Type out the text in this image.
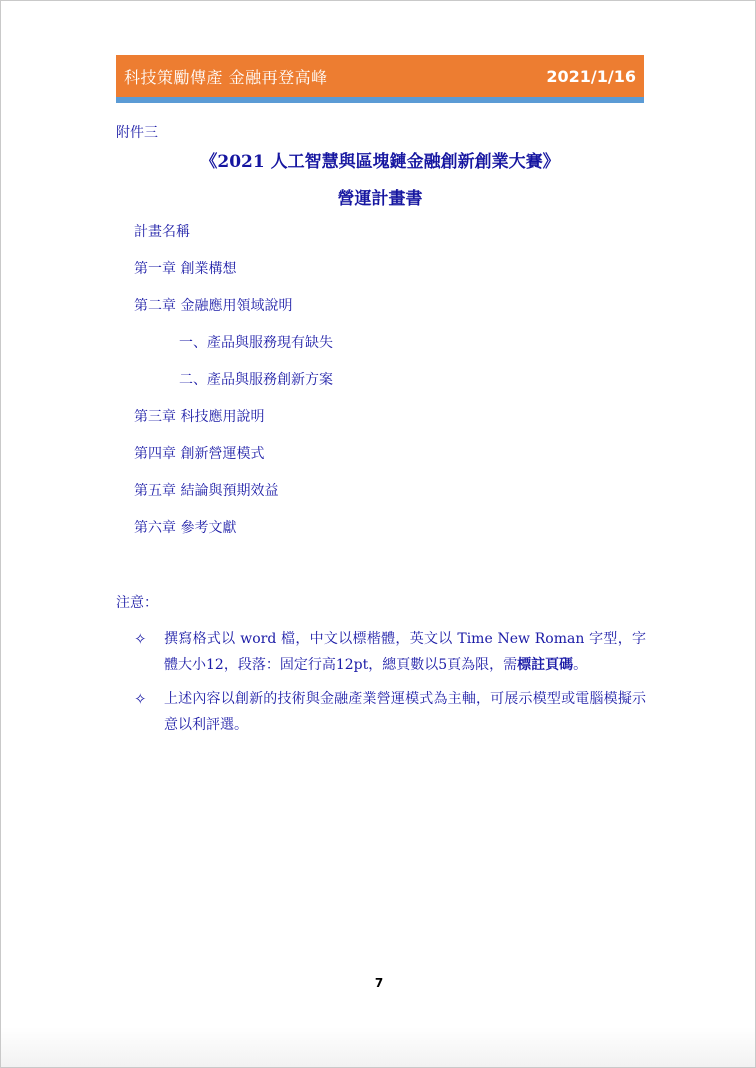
科技策勵傳產 金融再登高峰	2021/1/16
附件三
《2021 人工智慧與區塊鏈金融創新創業大賽》
營運計畫書
計畫名稱
第一章 創業構想
第二章 金融應用領域說明
一、產品與服務現有缺失
二、產品與服務創新方案
第三章 科技應用說明
第四章 創新營運模式
第五章 結論與預期效益
第六章 參考文獻
注意：
✧	撰寫格式以 word 檔，中文以標楷體，英文以 Time New Roman 字型，字體大小12，段落：固定行高12pt，總頁數以5頁為限，需標註頁碼。
✧	上述內容以創新的技術與金融產業營運模式為主軸，可展示模型或電腦模擬示意以利評選。
7
